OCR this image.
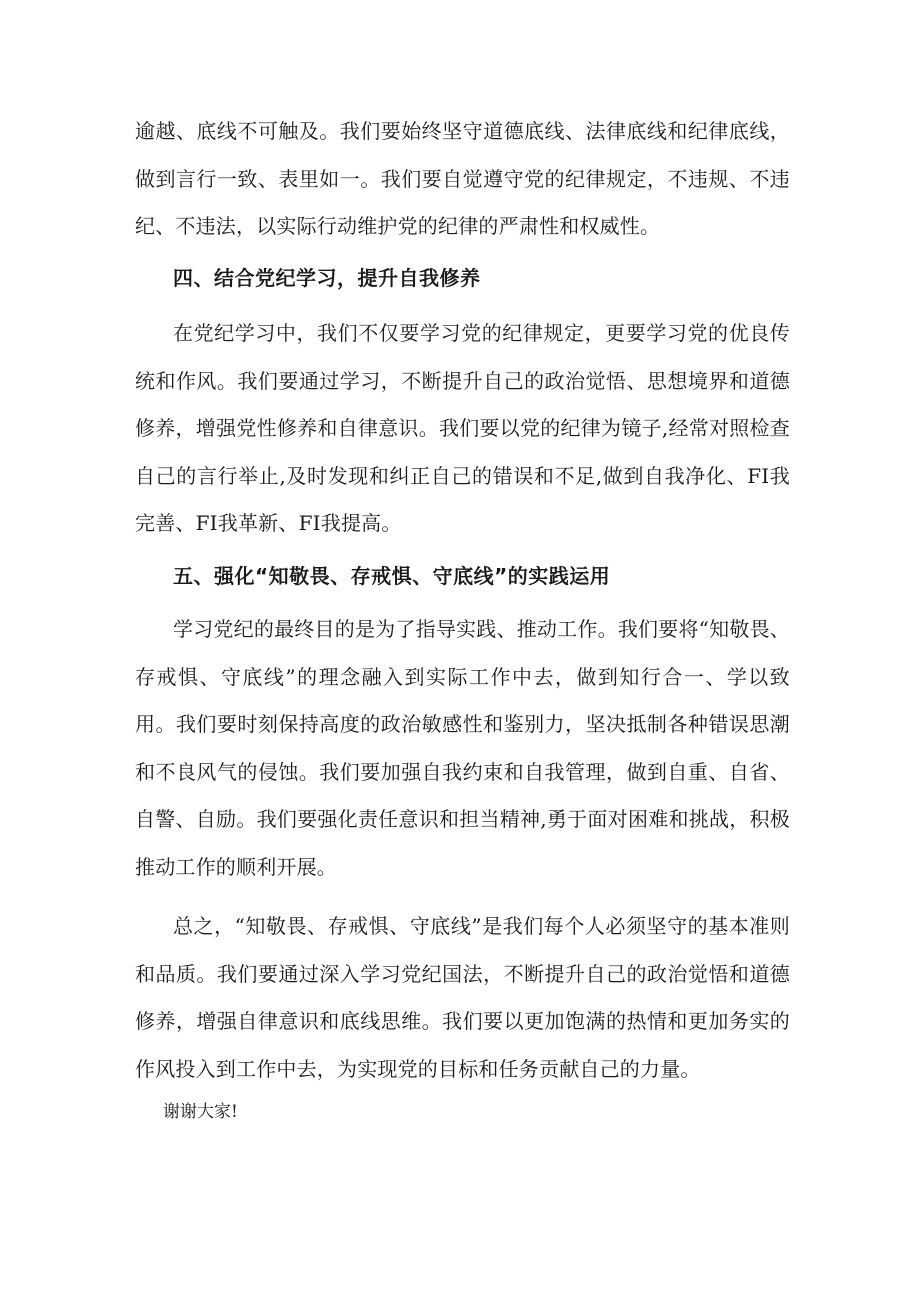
逾越、底线不可触及。我们要始终坚守道德底线、法律底线和纪律底线，做到言行一致、表里如一。我们要自觉遵守党的纪律规定，不违规、不违纪、不违法，以实际行动维护党的纪律的严肃性和权威性。

四、结合党纪学习，提升自我修养

在党纪学习中，我们不仅要学习党的纪律规定，更要学习党的优良传统和作风。我们要通过学习，不断提升自己的政治觉悟、思想境界和道德修养，增强党性修养和自律意识。我们要以党的纪律为镜子,经常对照检查自己的言行举止,及时发现和纠正自己的错误和不足,做到自我净化、FI我完善、FI我革新、FI我提高。

五、强化“知敬畏、存戒惧、守底线”的实践运用

学习党纪的最终目的是为了指导实践、推动工作。我们要将“知敬畏、存戒惧、守底线”的理念融入到实际工作中去，做到知行合一、学以致用。我们要时刻保持高度的政治敏感性和鉴别力，坚决抵制各种错误思潮和不良风气的侵蚀。我们要加强自我约束和自我管理，做到自重、自省、自警、自励。我们要强化责任意识和担当精神,勇于面对困难和挑战，积极推动工作的顺利开展。

总之，“知敬畏、存戒惧、守底线”是我们每个人必须坚守的基本准则和品质。我们要通过深入学习党纪国法，不断提升自己的政治觉悟和道德修养，增强自律意识和底线思维。我们要以更加饱满的热情和更加务实的作风投入到工作中去，为实现党的目标和任务贡献自己的力量。

谢谢大家!
